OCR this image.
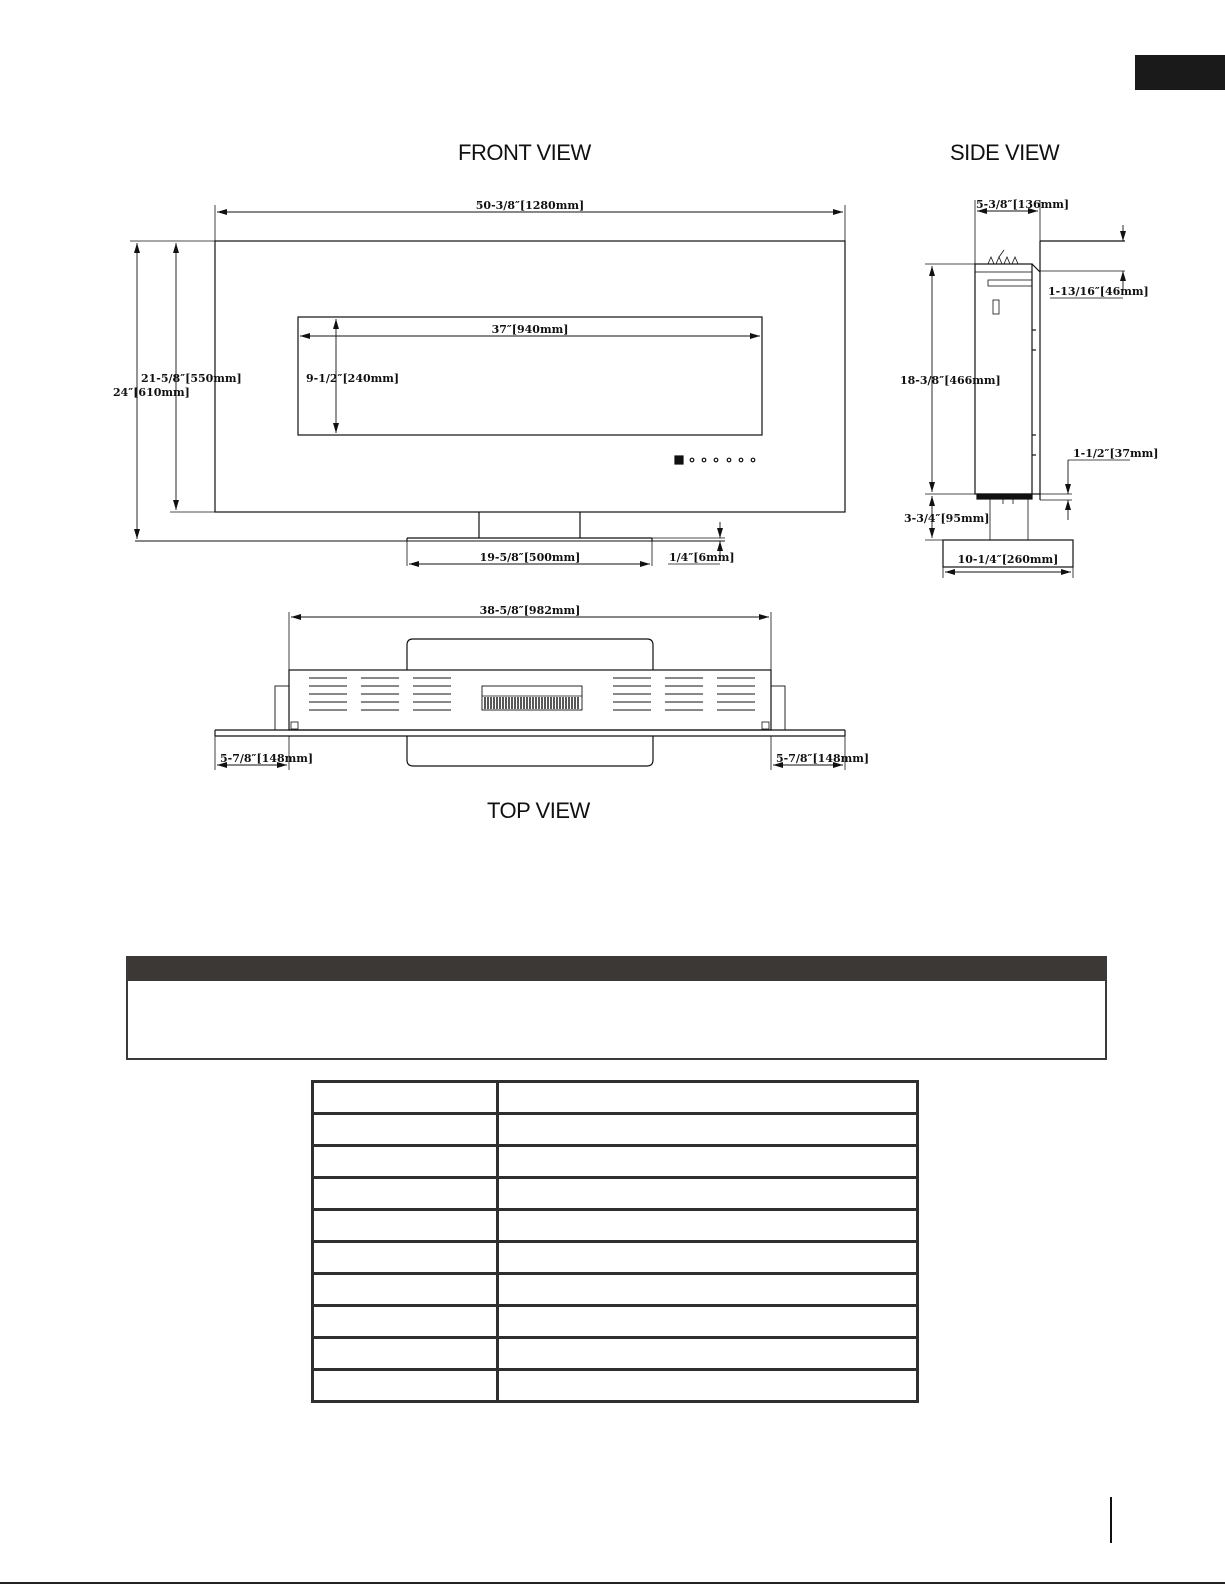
FRONT VIEW	SIDE VIEW
TOP VIEW
50-3/8″[1280mm]
37″[940mm]
9-1/2″[240mm]
21-5/8″[550mm]
24″[610mm]
19-5/8″[500mm]	1/4″[6mm]
5-3/8″[136mm]
1-13/16″[46mm]
18-3/8″[466mm]
1-1/2″[37mm]
3-3/4″[95mm]
10-1/4″[260mm]
38-5/8″[982mm]
5-7/8″[148mm]	5-7/8″[148mm]
